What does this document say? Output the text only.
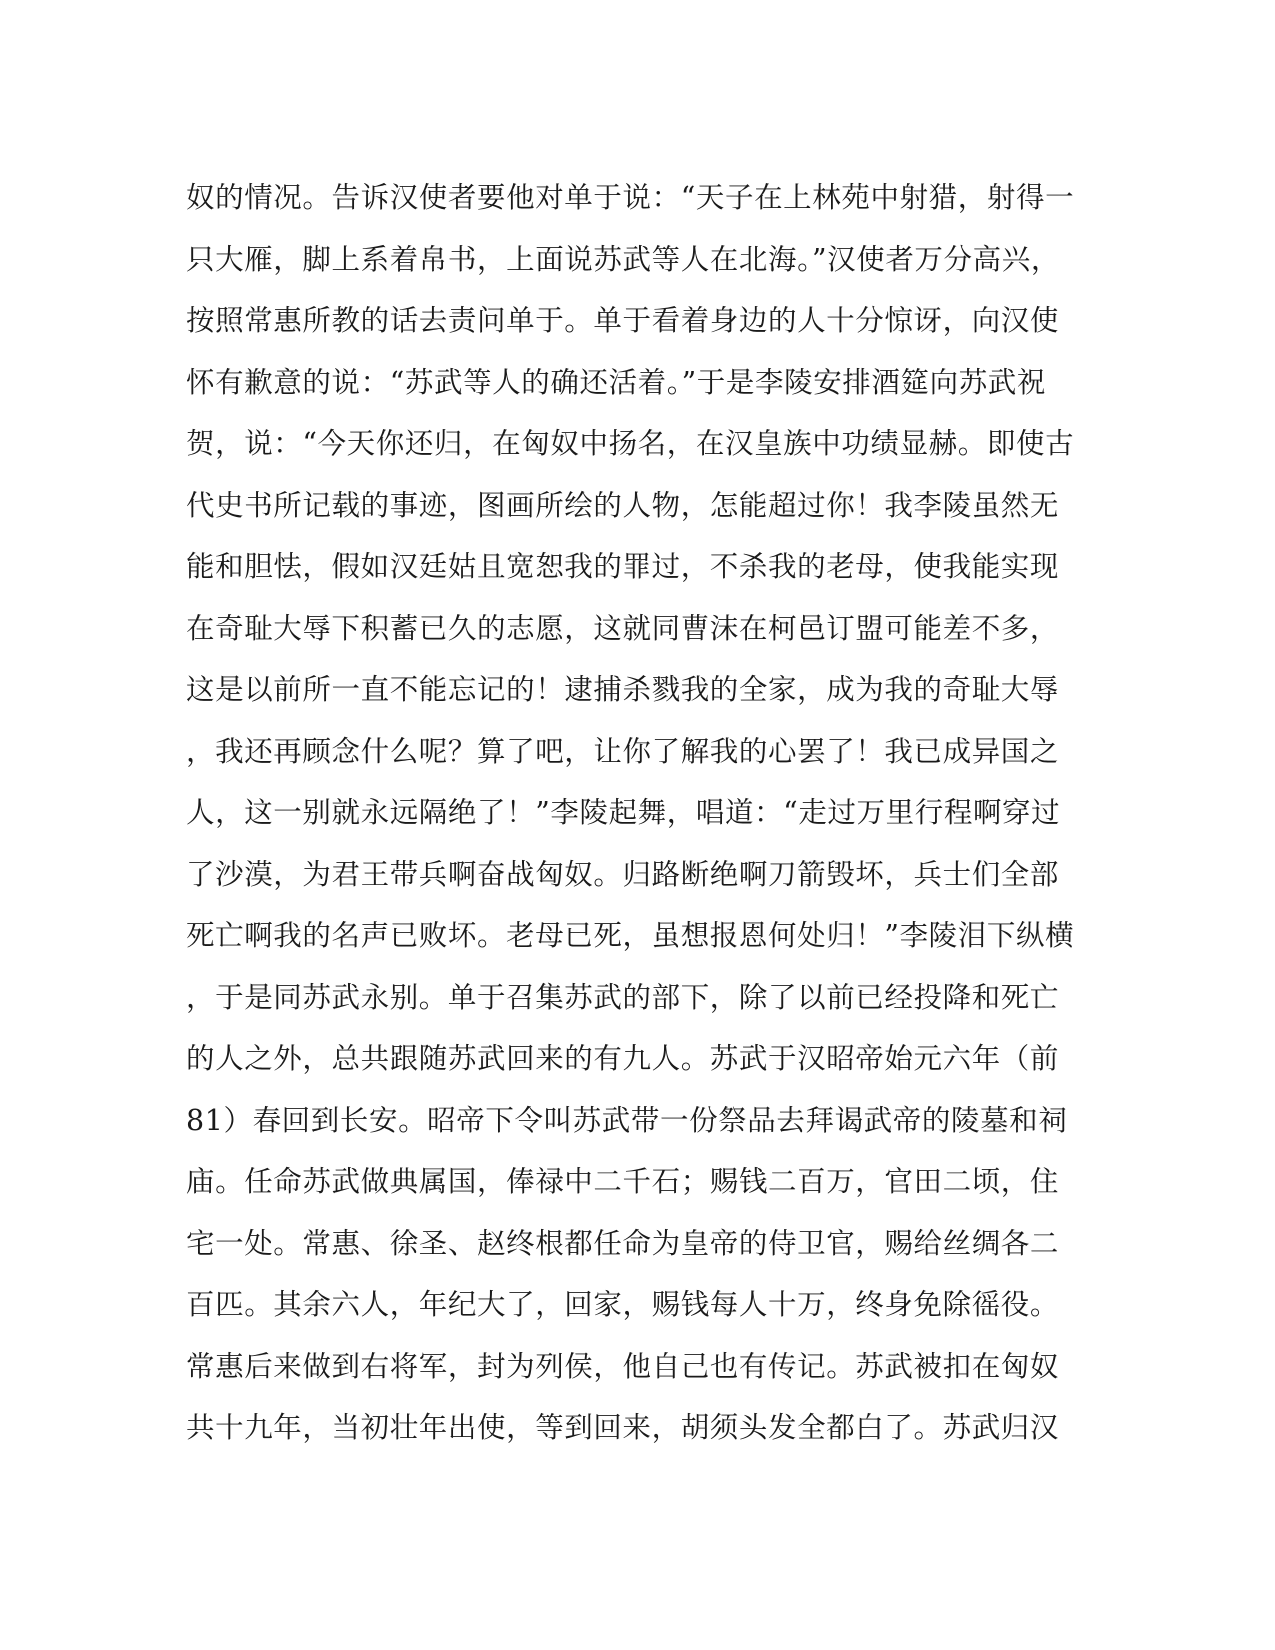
奴的情况。告诉汉使者要他对单于说：“天子在上林苑中射猎，射得一
只大雁，脚上系着帛书，上面说苏武等人在北海。”汉使者万分高兴，
按照常惠所教的话去责问单于。单于看着身边的人十分惊讶，向汉使
怀有歉意的说：“苏武等人的确还活着。”于是李陵安排酒筵向苏武祝
贺，说：“今天你还归，在匈奴中扬名，在汉皇族中功绩显赫。即使古
代史书所记载的事迹，图画所绘的人物，怎能超过你！我李陵虽然无
能和胆怯，假如汉廷姑且宽恕我的罪过，不杀我的老母，使我能实现
在奇耻大辱下积蓄已久的志愿，这就同曹沫在柯邑订盟可能差不多，
这是以前所一直不能忘记的！逮捕杀戮我的全家，成为我的奇耻大辱
，我还再顾念什么呢？算了吧，让你了解我的心罢了！我已成异国之
人，这一别就永远隔绝了！”李陵起舞，唱道：“走过万里行程啊穿过
了沙漠，为君王带兵啊奋战匈奴。归路断绝啊刀箭毁坏，兵士们全部
死亡啊我的名声已败坏。老母已死，虽想报恩何处归！”李陵泪下纵横
，于是同苏武永别。单于召集苏武的部下，除了以前已经投降和死亡
的人之外，总共跟随苏武回来的有九人。苏武于汉昭帝始元六年（前
81）春回到长安。昭帝下令叫苏武带一份祭品去拜谒武帝的陵墓和祠
庙。任命苏武做典属国，俸禄中二千石；赐钱二百万，官田二顷，住
宅一处。常惠、徐圣、赵终根都任命为皇帝的侍卫官，赐给丝绸各二
百匹。其余六人，年纪大了，回家，赐钱每人十万，终身免除徭役。
常惠后来做到右将军，封为列侯，他自己也有传记。苏武被扣在匈奴
共十九年，当初壮年出使，等到回来，胡须头发全都白了。苏武归汉
